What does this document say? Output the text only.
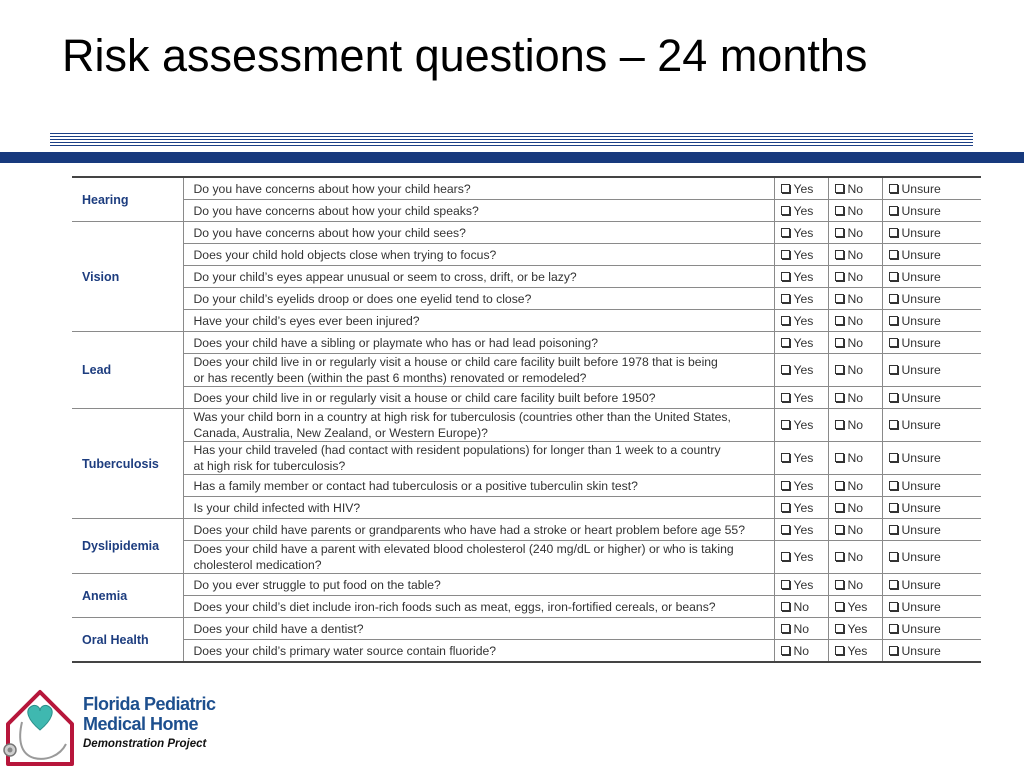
Risk assessment questions – 24 months
Hearing	Do you have concerns about how your child hears?	Yes	No	Unsure

	Do you have concerns about how your child speaks?	Yes	No	Unsure
Vision	Do you have concerns about how your child sees?	Yes	No	Unsure

	Does your child hold objects close when trying to focus?	Yes	No	Unsure

	Do your child’s eyes appear unusual or seem to cross, drift, or be lazy?	Yes	No	Unsure

	Do your child’s eyelids droop or does one eyelid tend to close?	Yes	No	Unsure

	Have your child’s eyes ever been injured?	Yes	No	Unsure
Lead	Does your child have a sibling or playmate who has or had lead poisoning?	Yes	No	Unsure

	Does your child live in or regularly visit a house or child care facility built before 1978 that is being
or has recently been (within the past 6 months) renovated or remodeled?	Yes	No	Unsure

	Does your child live in or regularly visit a house or child care facility built before 1950?	Yes	No	Unsure
Tuberculosis	Was your child born in a country at high risk for tuberculosis (countries other than the United States,
Canada, Australia, New Zealand, or Western Europe)?	Yes	No	Unsure

	Has your child traveled (had contact with resident populations) for longer than 1 week to a country
at high risk for tuberculosis?	Yes	No	Unsure

	Has a family member or contact had tuberculosis or a positive tuberculin skin test?	Yes	No	Unsure

	Is your child infected with HIV?	Yes	No	Unsure
Dyslipidemia	Does your child have parents or grandparents who have had a stroke or heart problem before age 55?	Yes	No	Unsure

	Does your child have a parent with elevated blood cholesterol (240 mg/dL or higher) or who is taking
cholesterol medication?	Yes	No	Unsure
Anemia	Do you ever struggle to put food on the table?	Yes	No	Unsure

	Does your child’s diet include iron-rich foods such as meat, eggs, iron-fortified cereals, or beans?	No	Yes	Unsure
Oral Health	Does your child have a dentist?	No	Yes	Unsure

	Does your child’s primary water source contain fluoride?	No	Yes	Unsure
Florida Pediatric
Medical Home
Demonstration Project
